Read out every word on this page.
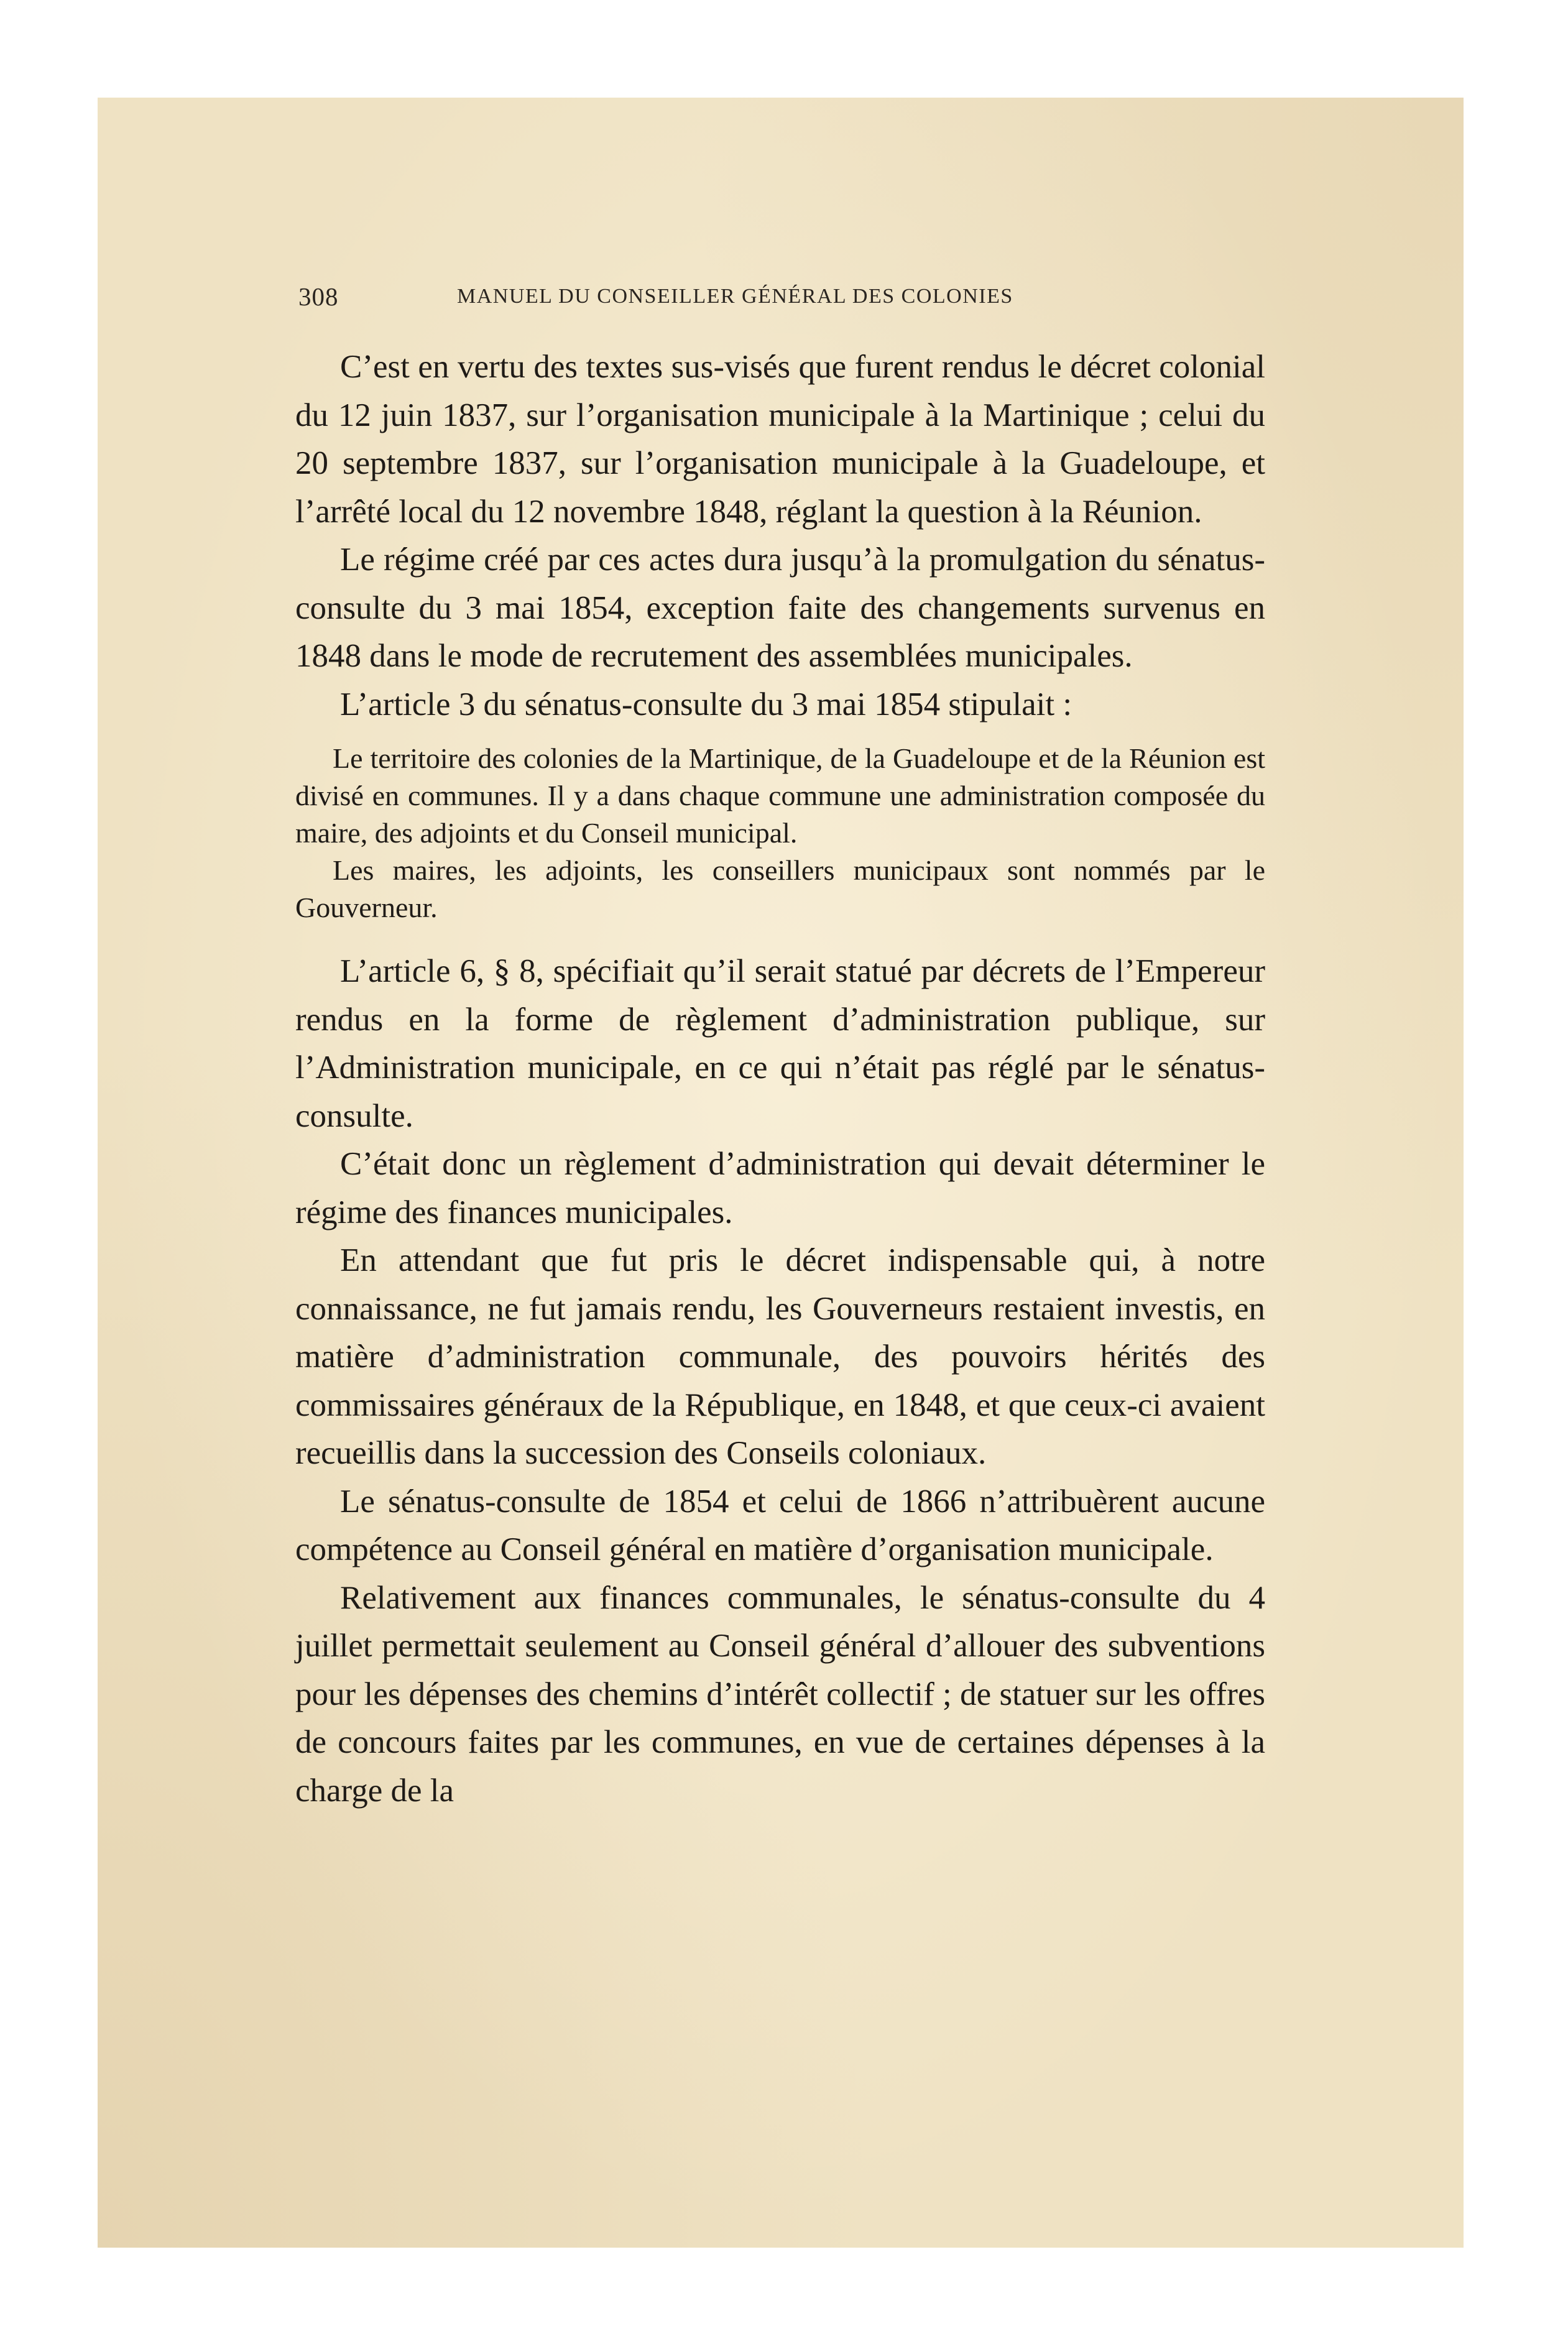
308	MANUEL DU CONSEILLER GÉNÉRAL DES COLONIES

C’est en vertu des textes sus-visés que furent rendus le décret colonial du 12 juin 1837, sur l’organisation municipale à la Martinique ; celui du 20 septembre 1837, sur l’organisation municipale à la Guadeloupe, et l’arrêté local du 12 novembre 1848, réglant la question à la Réunion.

Le régime créé par ces actes dura jusqu’à la promulgation du sénatus-consulte du 3 mai 1854, exception faite des changements survenus en 1848 dans le mode de recrutement des assemblées municipales.

L’article 3 du sénatus-consulte du 3 mai 1854 stipulait :

Le territoire des colonies de la Martinique, de la Guadeloupe et de la Réunion est divisé en communes. Il y a dans chaque commune une administration composée du maire, des adjoints et du Conseil municipal.

Les maires, les adjoints, les conseillers municipaux sont nommés par le Gouverneur.

L’article 6, § 8, spécifiait qu’il serait statué par décrets de l’Empereur rendus en la forme de règlement d’administration publique, sur l’Administration municipale, en ce qui n’était pas réglé par le sénatus-consulte.

C’était donc un règlement d’administration qui devait déterminer le régime des finances municipales.

En attendant que fut pris le décret indispensable qui, à notre connaissance, ne fut jamais rendu, les Gouverneurs restaient investis, en matière d’administration communale, des pouvoirs hérités des commissaires généraux de la République, en 1848, et que ceux-ci avaient recueillis dans la succession des Conseils coloniaux.

Le sénatus-consulte de 1854 et celui de 1866 n’attribuèrent aucune compétence au Conseil général en matière d’organisation municipale.

Relativement aux finances communales, le sénatus-consulte du 4 juillet permettait seulement au Conseil général d’allouer des subventions pour les dépenses des chemins d’intérêt collectif ; de statuer sur les offres de concours faites par les communes, en vue de certaines dépenses à la charge de la
